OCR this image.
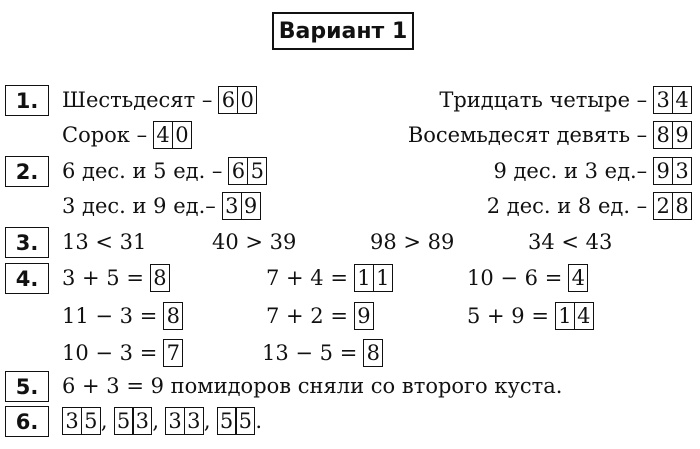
Вариант 1
1.	Шестьдесят – 6 0	Тридцать четыре – 3 4
Сорок – 4 0	Восемьдесят девять – 8 9
2.	6 дес. и 5 ед. – 6 5	9 дес. и 3 ед.– 9 3
3 дес. и 9 ед.– 3 9	2 дес. и 8 ед. – 2 8
3.	13 < 31	40 > 39	98 > 89	34 < 43
4.	3 + 5 = 8	7 + 4 = 1 1	10 − 6 = 4
11 − 3 = 8	7 + 2 = 9	5 + 9 = 1 4
10 − 3 = 7	13 − 5 = 8
5.	6 + 3 = 9 помидоров сняли со второго куста.
6.	3 5 , 5 3 , 3 3 , 5 5 .
